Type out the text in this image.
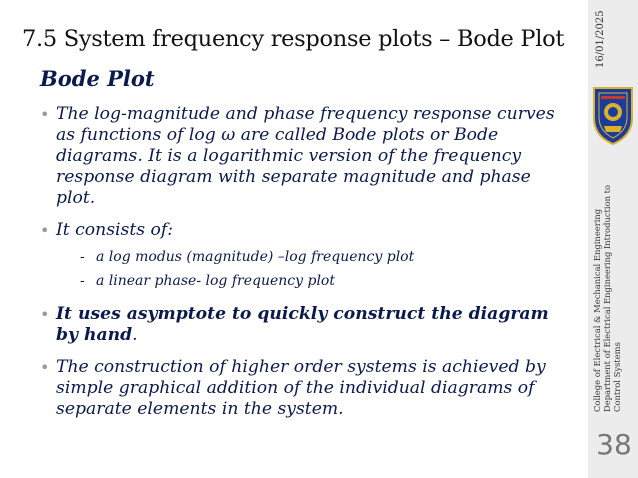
7.5 System frequency response plots – Bode Plot
Bode Plot
• The log-magnitude and phase frequency response curves as functions of log ω are called Bode plots or Bode diagrams. It is a logarithmic version of the frequency response diagram with separate magnitude and phase plot.
• It consists of:
- a log modus (magnitude) –log frequency plot
- a linear phase- log frequency plot
• It uses asymptote to quickly construct the diagram by hand.
• The construction of higher order systems is achieved by simple graphical addition of the individual diagrams of separate elements in the system.
16/01/2025
College of Electrical & Mechanical Engineering Department of Electrical Engineering Introduction to Control Systems
38
